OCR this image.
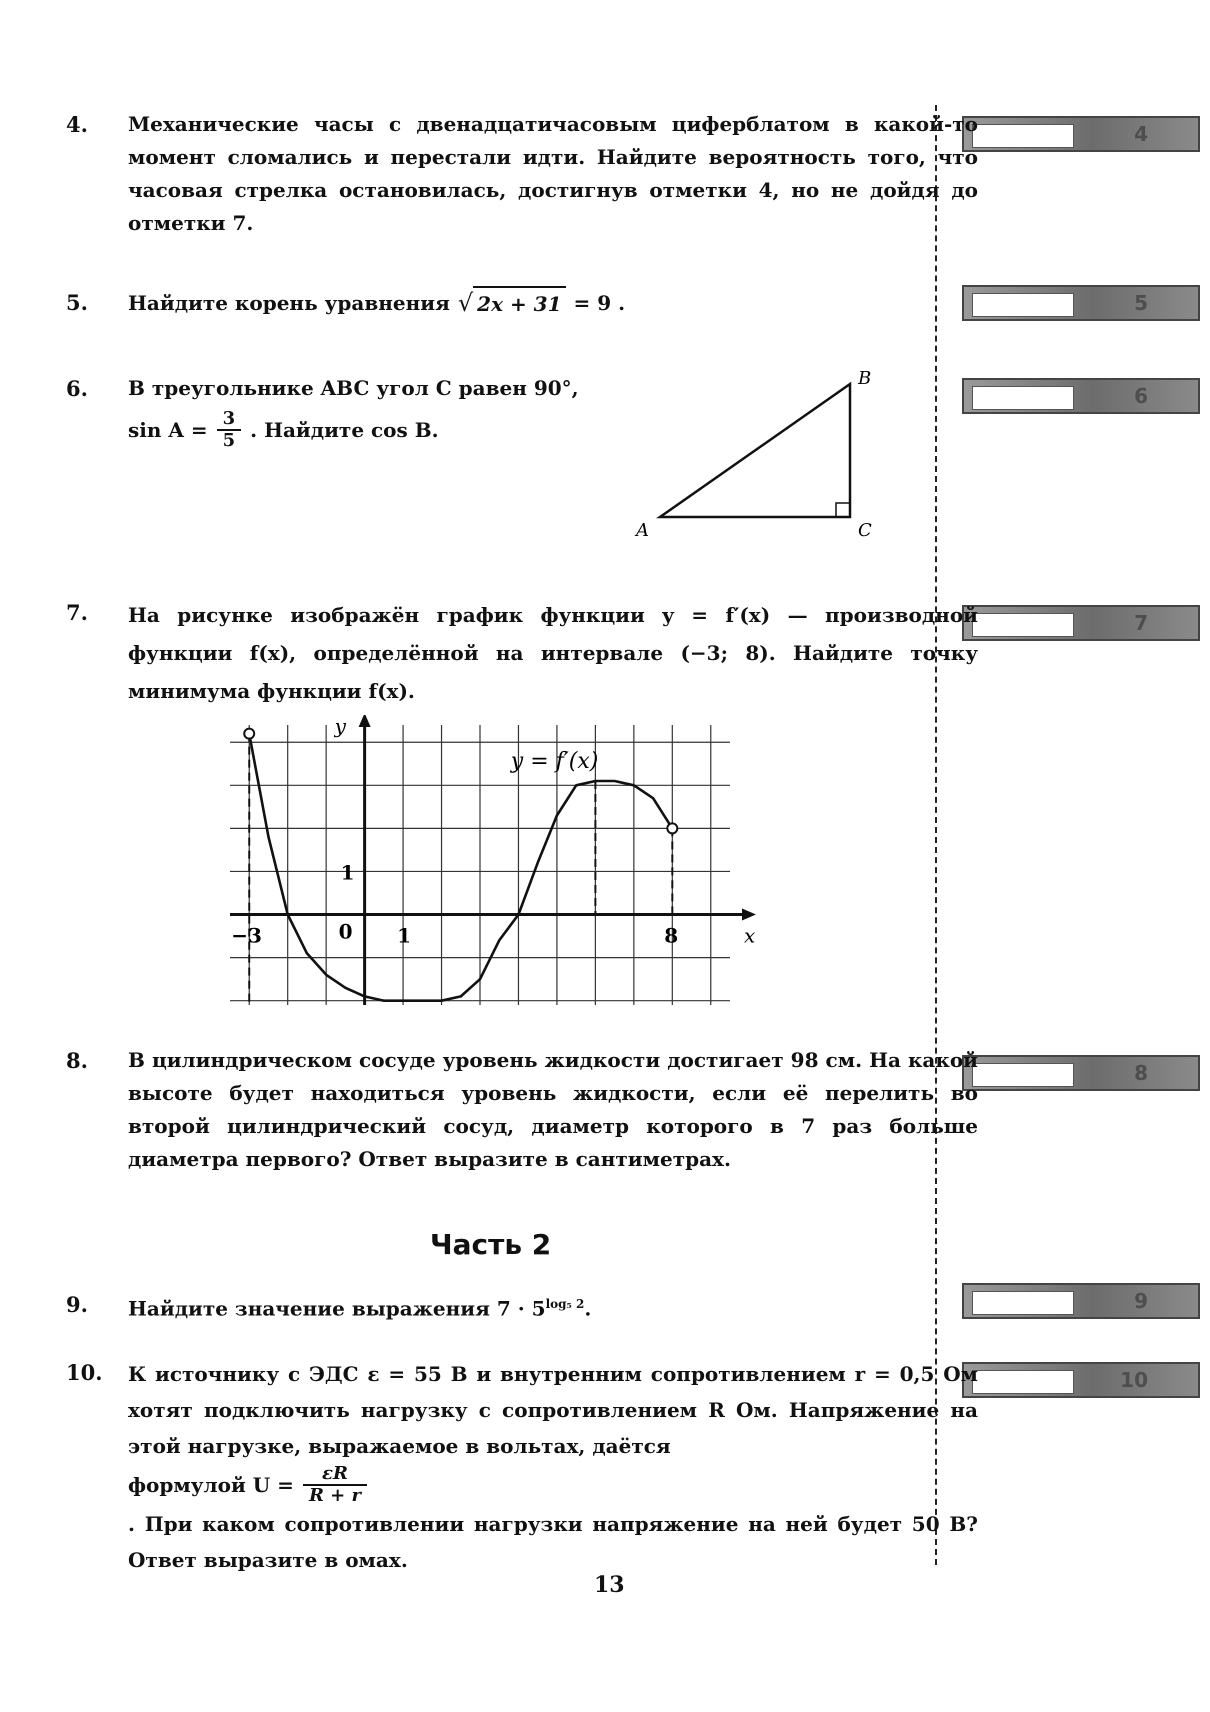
4
5
6
7
8
9
10
4. Механические часы с двенадцатичасовым циферблатом в какой-то момент сломались и перестали идти. Найдите вероятность того, что часовая стрелка остановилась, достигнув отметки 4, но не дойдя до отметки 7.

5. Найдите корень уравнения √ 2x + 31 = 9 .
6. В треугольнике ABC угол C равен 90°,

$\sin A = \frac{3}{5}$ . Найдите cos B.
A
B
C
7. На рисунке изображён график функции y = f′(x) — производной функции f(x), определённой на интервале (−3; 8). Найдите точку минимума функции f(x).

y = f′(x)
x
y
−3	0 1	8
1
8. В цилиндрическом сосуде уровень жидкости достигает 98 см. На какой высоте будет находиться уровень жидкости, если её перелить во второй цилиндрический сосуд, диаметр которого в 7 раз больше диаметра первого? Ответ выразите в сантиметрах.

Часть 2
9. Найдите значение выражения $7 \cdot 5^{log_5 2}$.
10. К источнику с ЭДС ε = 55 В и внутренним сопротивлением r = 0,5 Ом хотят подключить нагрузку с сопротивлением R Ом. Напряжение на этой нагрузке, выражаемое в вольтах, даётся

формулой $U = \frac{\varepsilon R}{R + r}$

. При каком сопротивлении нагрузки напряжение на ней будет 50 В? Ответ выразите в омах.

13
